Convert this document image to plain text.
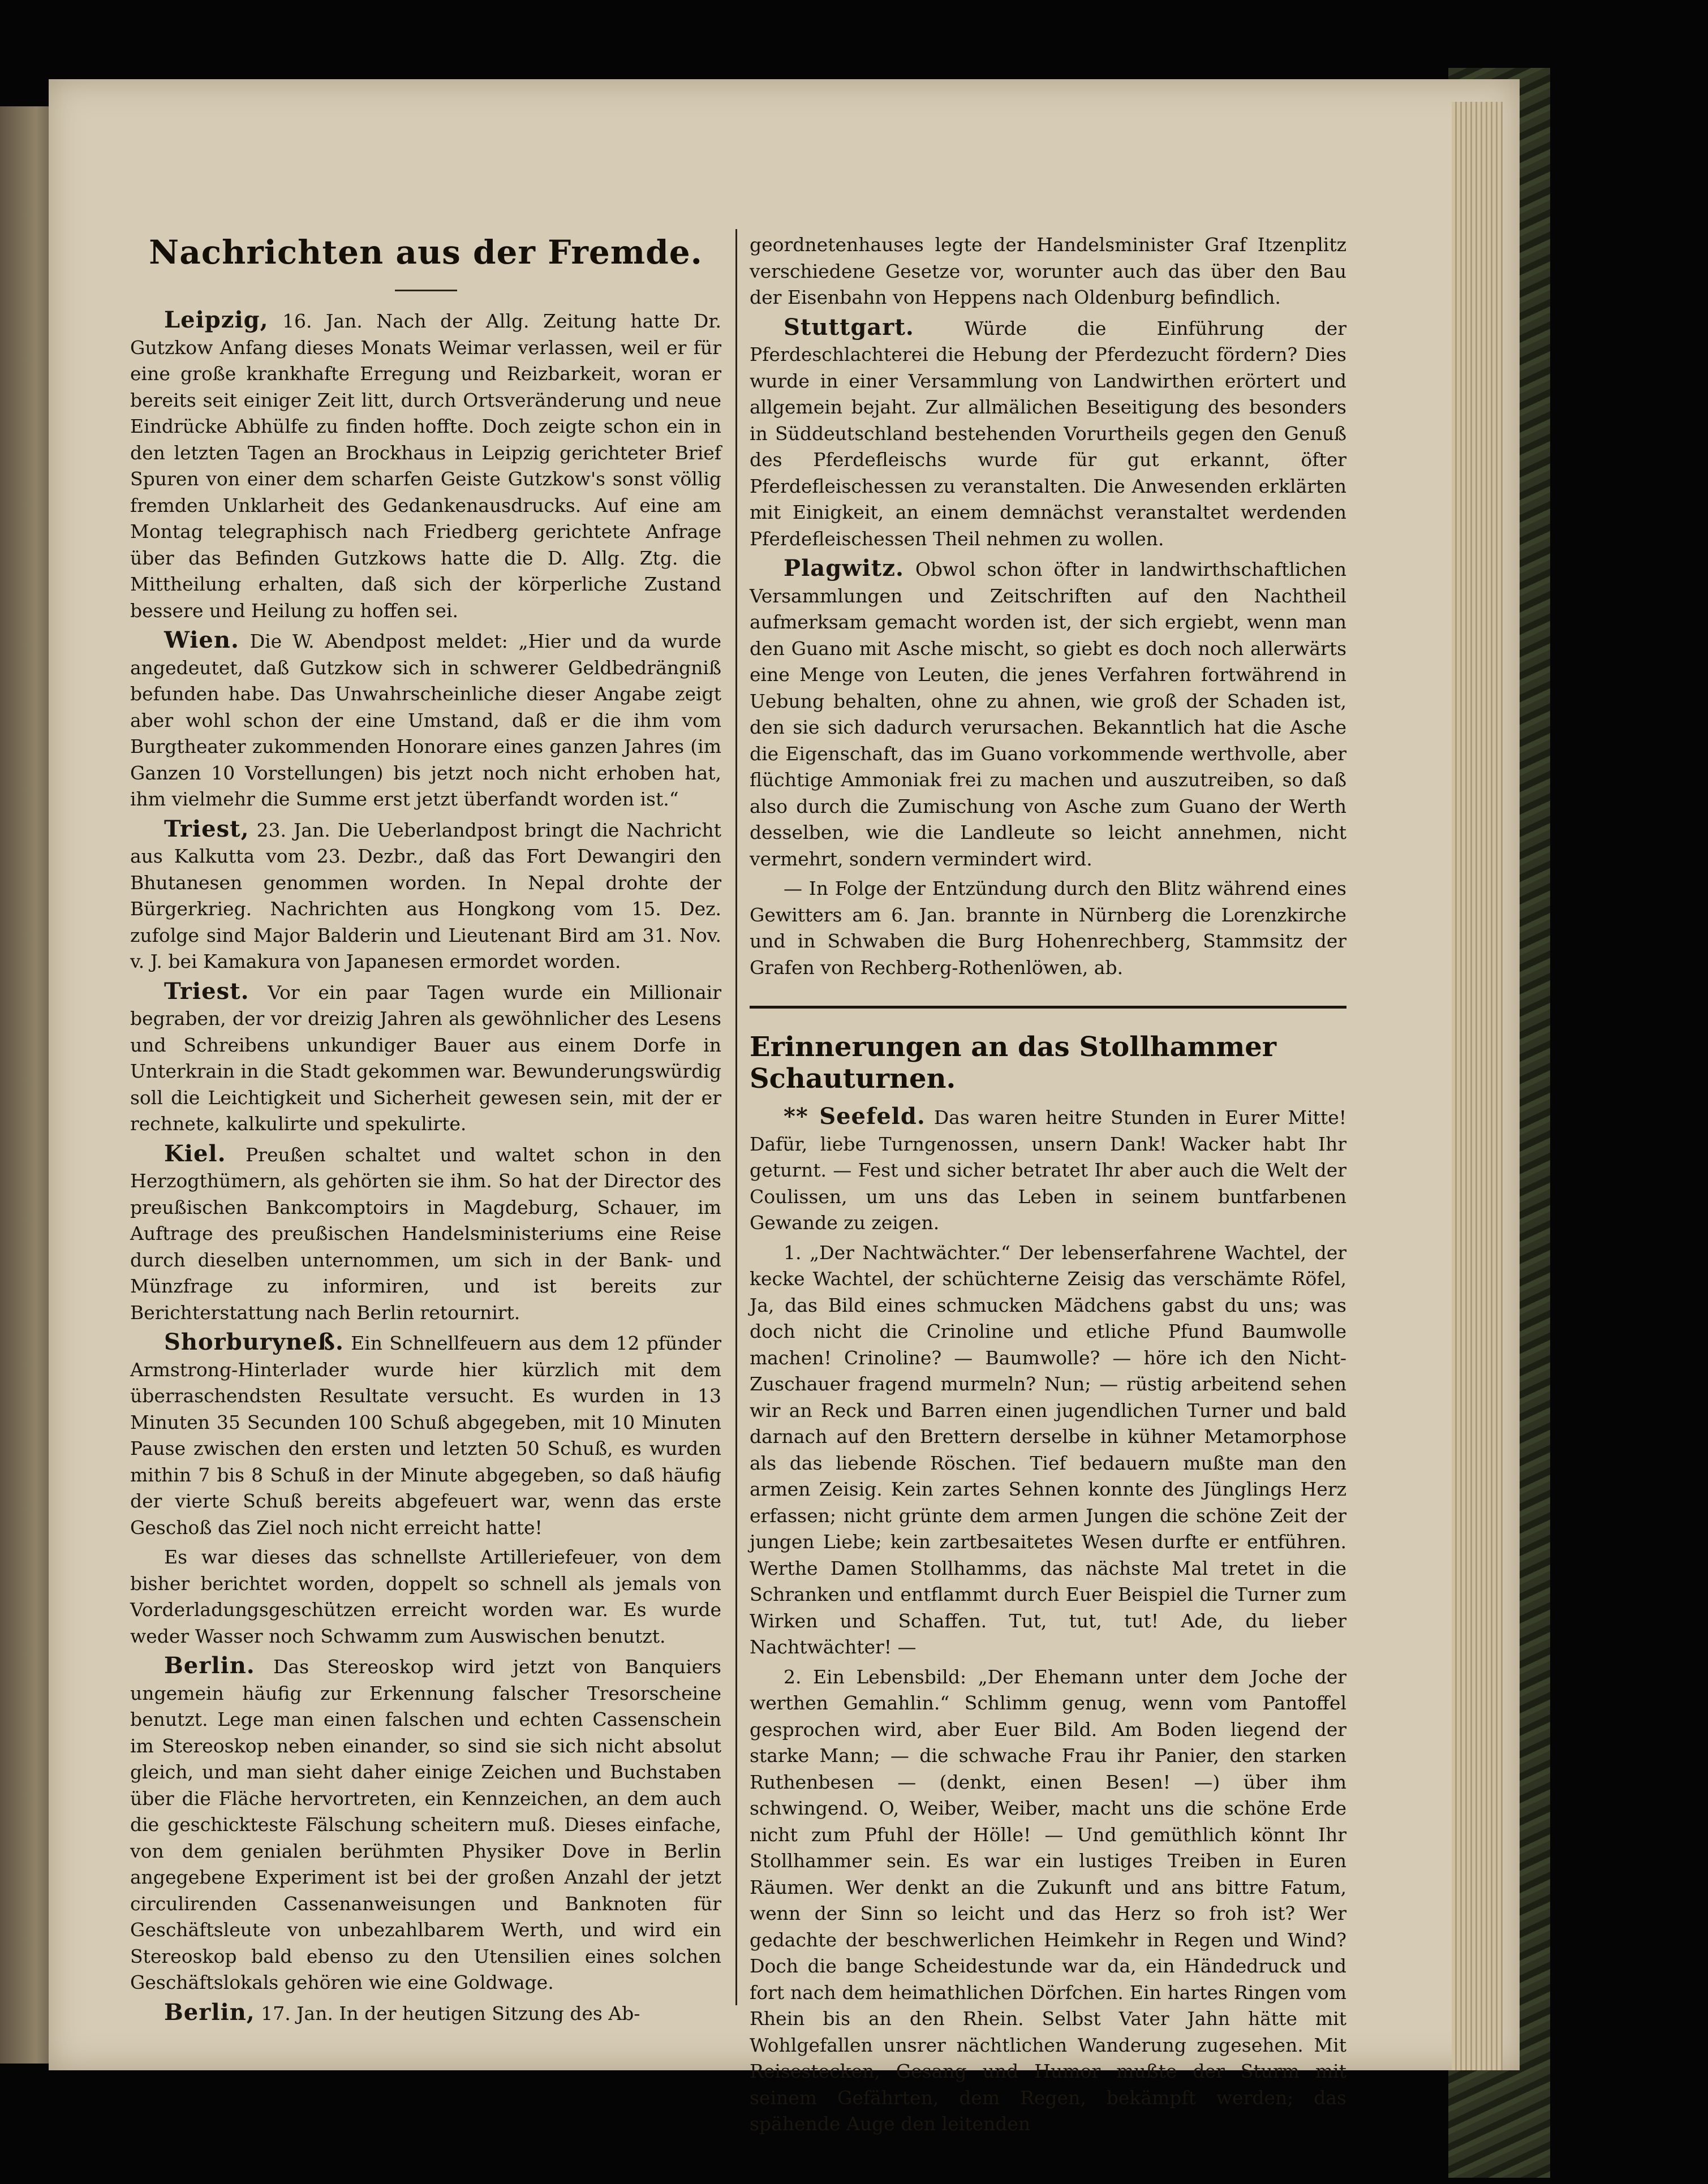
Nachrichten aus der Fremde.

Leipzig, 16. Jan. Nach der Allg. Zeitung hatte Dr. Gutzkow Anfang dieses Monats Weimar verlassen, weil er für eine große krankhafte Erregung und Reizbarkeit, woran er bereits seit einiger Zeit litt, durch Ortsveränderung und neue Eindrücke Abhülfe zu finden hoffte. Doch zeigte schon ein in den letzten Tagen an Brockhaus in Leipzig gerichteter Brief Spuren von einer dem scharfen Geiste Gutzkow's sonst völlig fremden Unklarheit des Gedankenausdrucks. Auf eine am Montag telegraphisch nach Friedberg gerichtete Anfrage über das Befinden Gutzkows hatte die D. Allg. Ztg. die Mittheilung erhalten, daß sich der körperliche Zustand bessere und Heilung zu hoffen sei.

Wien. Die W. Abendpost meldet: „Hier und da wurde angedeutet, daß Gutzkow sich in schwerer Geldbedrängniß befunden habe. Das Unwahrscheinliche dieser Angabe zeigt aber wohl schon der eine Umstand, daß er die ihm vom Burgtheater zukommenden Honorare eines ganzen Jahres (im Ganzen 10 Vorstellungen) bis jetzt noch nicht erhoben hat, ihm vielmehr die Summe erst jetzt überfandt worden ist.“

Triest, 23. Jan. Die Ueberlandpost bringt die Nachricht aus Kalkutta vom 23. Dezbr., daß das Fort Dewangiri den Bhutanesen genommen worden. In Nepal drohte der Bürgerkrieg. Nachrichten aus Hongkong vom 15. Dez. zufolge sind Major Balderin und Lieutenant Bird am 31. Nov. v. J. bei Kamakura von Japanesen ermordet worden.

Triest. Vor ein paar Tagen wurde ein Millionair begraben, der vor dreizig Jahren als gewöhnlicher des Lesens und Schreibens unkundiger Bauer aus einem Dorfe in Unterkrain in die Stadt gekommen war. Bewunderungswürdig soll die Leichtigkeit und Sicherheit gewesen sein, mit der er rechnete, kalkulirte und spekulirte.

Kiel. Preußen schaltet und waltet schon in den Herzogthümern, als gehörten sie ihm. So hat der Director des preußischen Bankcomptoirs in Magdeburg, Schauer, im Auftrage des preußischen Handelsministeriums eine Reise durch dieselben unternommen, um sich in der Bank- und Münzfrage zu informiren, und ist bereits zur Berichterstattung nach Berlin retournirt.

Shorburyneß. Ein Schnellfeuern aus dem 12 pfünder Armstrong-Hinterlader wurde hier kürzlich mit dem überraschendsten Resultate versucht. Es wurden in 13 Minuten 35 Secunden 100 Schuß abgegeben, mit 10 Minuten Pause zwischen den ersten und letzten 50 Schuß, es wurden mithin 7 bis 8 Schuß in der Minute abgegeben, so daß häufig der vierte Schuß bereits abgefeuert war, wenn das erste Geschoß das Ziel noch nicht erreicht hatte!

Es war dieses das schnellste Artilleriefeuer, von dem bisher berichtet worden, doppelt so schnell als jemals von Vorderladungsgeschützen erreicht worden war. Es wurde weder Wasser noch Schwamm zum Auswischen benutzt.

Berlin. Das Stereoskop wird jetzt von Banquiers ungemein häufig zur Erkennung falscher Tresorscheine benutzt. Lege man einen falschen und echten Cassenschein im Stereoskop neben einander, so sind sie sich nicht absolut gleich, und man sieht daher einige Zeichen und Buchstaben über die Fläche hervortreten, ein Kennzeichen, an dem auch die geschickteste Fälschung scheitern muß. Dieses einfache, von dem genialen berühmten Physiker Dove in Berlin angegebene Experiment ist bei der großen Anzahl der jetzt circulirenden Cassenanweisungen und Banknoten für Geschäftsleute von unbezahlbarem Werth, und wird ein Stereoskop bald ebenso zu den Utensilien eines solchen Geschäftslokals gehören wie eine Goldwage.

Berlin, 17. Jan. In der heutigen Sitzung des Ab-

geordnetenhauses legte der Handelsminister Graf Itzenplitz verschiedene Gesetze vor, worunter auch das über den Bau der Eisenbahn von Heppens nach Oldenburg befindlich.

Stuttgart.	Würde die Einführung der Pferdeschlachterei die Hebung der Pferdezucht fördern? Dies wurde in einer Versammlung von Landwirthen erörtert und allgemein bejaht. Zur allmälichen Beseitigung des besonders in Süddeutschland bestehenden Vorurtheils gegen den Genuß des Pferdefleischs wurde für gut erkannt, öfter Pferdefleischessen zu veranstalten. Die Anwesenden erklärten mit Einigkeit, an einem demnächst veranstaltet werdenden Pferdefleischessen Theil nehmen zu wollen.

Plagwitz. Obwol schon öfter in landwirthschaftlichen Versammlungen und Zeitschriften auf den Nachtheil aufmerksam gemacht worden ist, der sich ergiebt, wenn man den Guano mit Asche mischt, so giebt es doch noch allerwärts eine Menge von Leuten, die jenes Verfahren fortwährend in Uebung behalten, ohne zu ahnen, wie groß der Schaden ist, den sie sich dadurch verursachen. Bekanntlich hat die Asche die Eigenschaft, das im Guano vorkommende werthvolle, aber flüchtige Ammoniak frei zu machen und auszutreiben, so daß also durch die Zumischung von Asche zum Guano der Werth desselben, wie die Landleute so leicht annehmen, nicht vermehrt, sondern vermindert wird.

— In Folge der Entzündung durch den Blitz während eines Gewitters am 6. Jan. brannte in Nürnberg die Lorenzkirche und in Schwaben die Burg Hohenrechberg, Stammsitz der Grafen von Rechberg-Rothenlöwen, ab.

Erinnerungen an das Stollhammer Schauturnen.

** Seefeld. Das waren heitre Stunden in Eurer Mitte! Dafür, liebe Turngenossen, unsern Dank! Wacker habt Ihr geturnt. — Fest und sicher betratet Ihr aber auch die Welt der Coulissen, um uns das Leben in seinem buntfarbenen Gewande zu zeigen.

1. „Der Nachtwächter.“ Der lebenserfahrene Wachtel, der kecke Wachtel, der schüchterne Zeisig das verschämte Röfel, Ja, das Bild eines schmucken Mädchens gabst du uns; was doch nicht die Crinoline und etliche Pfund Baumwolle machen! Crinoline? — Baumwolle? — höre ich den Nicht-Zuschauer fragend murmeln? Nun; — rüstig arbeitend sehen wir an Reck und Barren einen jugendlichen Turner und bald darnach auf den Brettern derselbe in kühner Metamorphose als das liebende Röschen. Tief bedauern mußte man den armen Zeisig. Kein zartes Sehnen konnte des Jünglings Herz erfassen; nicht grünte dem armen Jungen die schöne Zeit der jungen Liebe; kein zartbesaitetes Wesen durfte er entführen. Werthe Damen Stollhamms, das nächste Mal tretet in die Schranken und entflammt durch Euer Beispiel die Turner zum Wirken und Schaffen. Tut, tut, tut! Ade, du lieber Nachtwächter! —

2. Ein Lebensbild: „Der Ehemann unter dem Joche der werthen Gemahlin.“ Schlimm genug, wenn vom Pantoffel gesprochen wird, aber Euer Bild. Am Boden liegend der starke Mann; — die schwache Frau ihr Panier, den starken Ruthenbesen — (denkt, einen Besen! —) über ihm schwingend. O, Weiber, Weiber, macht uns die schöne Erde nicht zum Pfuhl der Hölle! — Und gemüthlich könnt Ihr Stollhammer sein. Es war ein lustiges Treiben in Euren Räumen. Wer denkt an die Zukunft und ans bittre Fatum, wenn der Sinn so leicht und das Herz so froh ist? Wer gedachte der beschwerlichen Heimkehr in Regen und Wind? Doch die bange Scheidestunde war da, ein Händedruck und fort nach dem heimathlichen Dörfchen. Ein hartes Ringen vom Rhein bis an den Rhein. Selbst Vater Jahn hätte mit Wohlgefallen unsrer nächtlichen Wanderung zugesehen. Mit Reisestecken, Gesang und Humor mußte der Sturm mit seinem Gefährten, dem Regen, bekämpft werden; das spähende Auge den leitenden
